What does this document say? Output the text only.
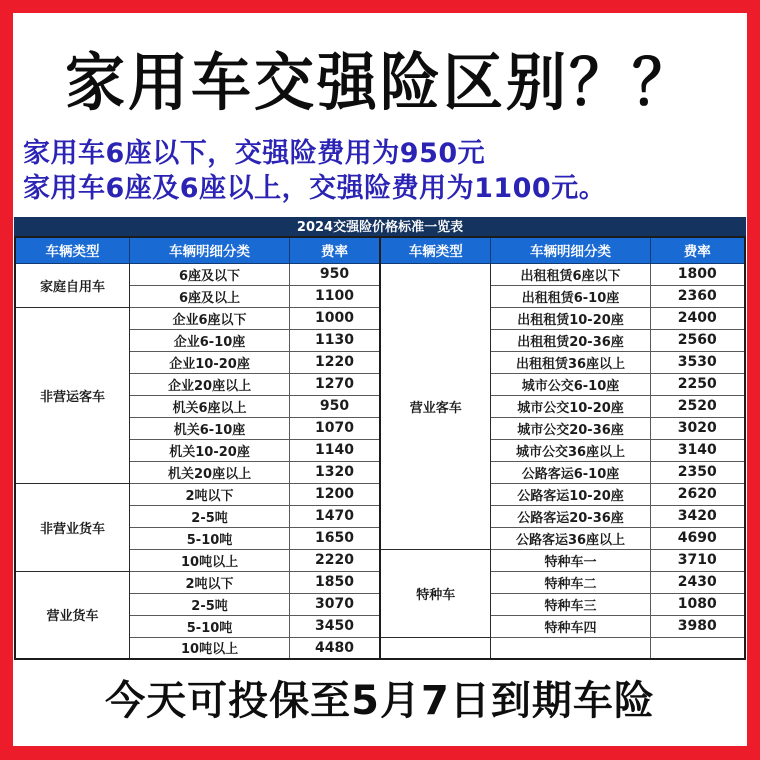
家用车交强险区别？？
家用车6座以下，交强险费用为950元
家用车6座及6座以上，交强险费用为1100元。
2024交强险价格标准一览表
车辆类型	车辆明细分类	费率	车辆类型	车辆明细分类	费率
家庭自用车	6座及以下	950	营业客车	出租租赁6座以下	1800
	6座及以上	1100		出租租赁6-10座	2360
非营运客车	企业6座以下	1000		出租租赁10-20座	2400
	企业6-10座	1130		出租租赁20-36座	2560
	企业10-20座	1220		出租租赁36座以上	3530
	企业20座以上	1270		城市公交6-10座	2250
	机关6座以上	950		城市公交10-20座	2520
	机关6-10座	1070		城市公交20-36座	3020
	机关10-20座	1140		城市公交36座以上	3140
	机关20座以上	1320		公路客运6-10座	2350
非营业货车	2吨以下	1200		公路客运10-20座	2620
	2-5吨	1470		公路客运20-36座	3420
	5-10吨	1650		公路客运36座以上	4690
	10吨以上	2220	特种车	特种车一	3710
营业货车	2吨以下	1850		特种车二	2430
	2-5吨	3070		特种车三	1080
	5-10吨	3450		特种车四	3980
	10吨以上	4480			
今天可投保至5月7日到期车险
